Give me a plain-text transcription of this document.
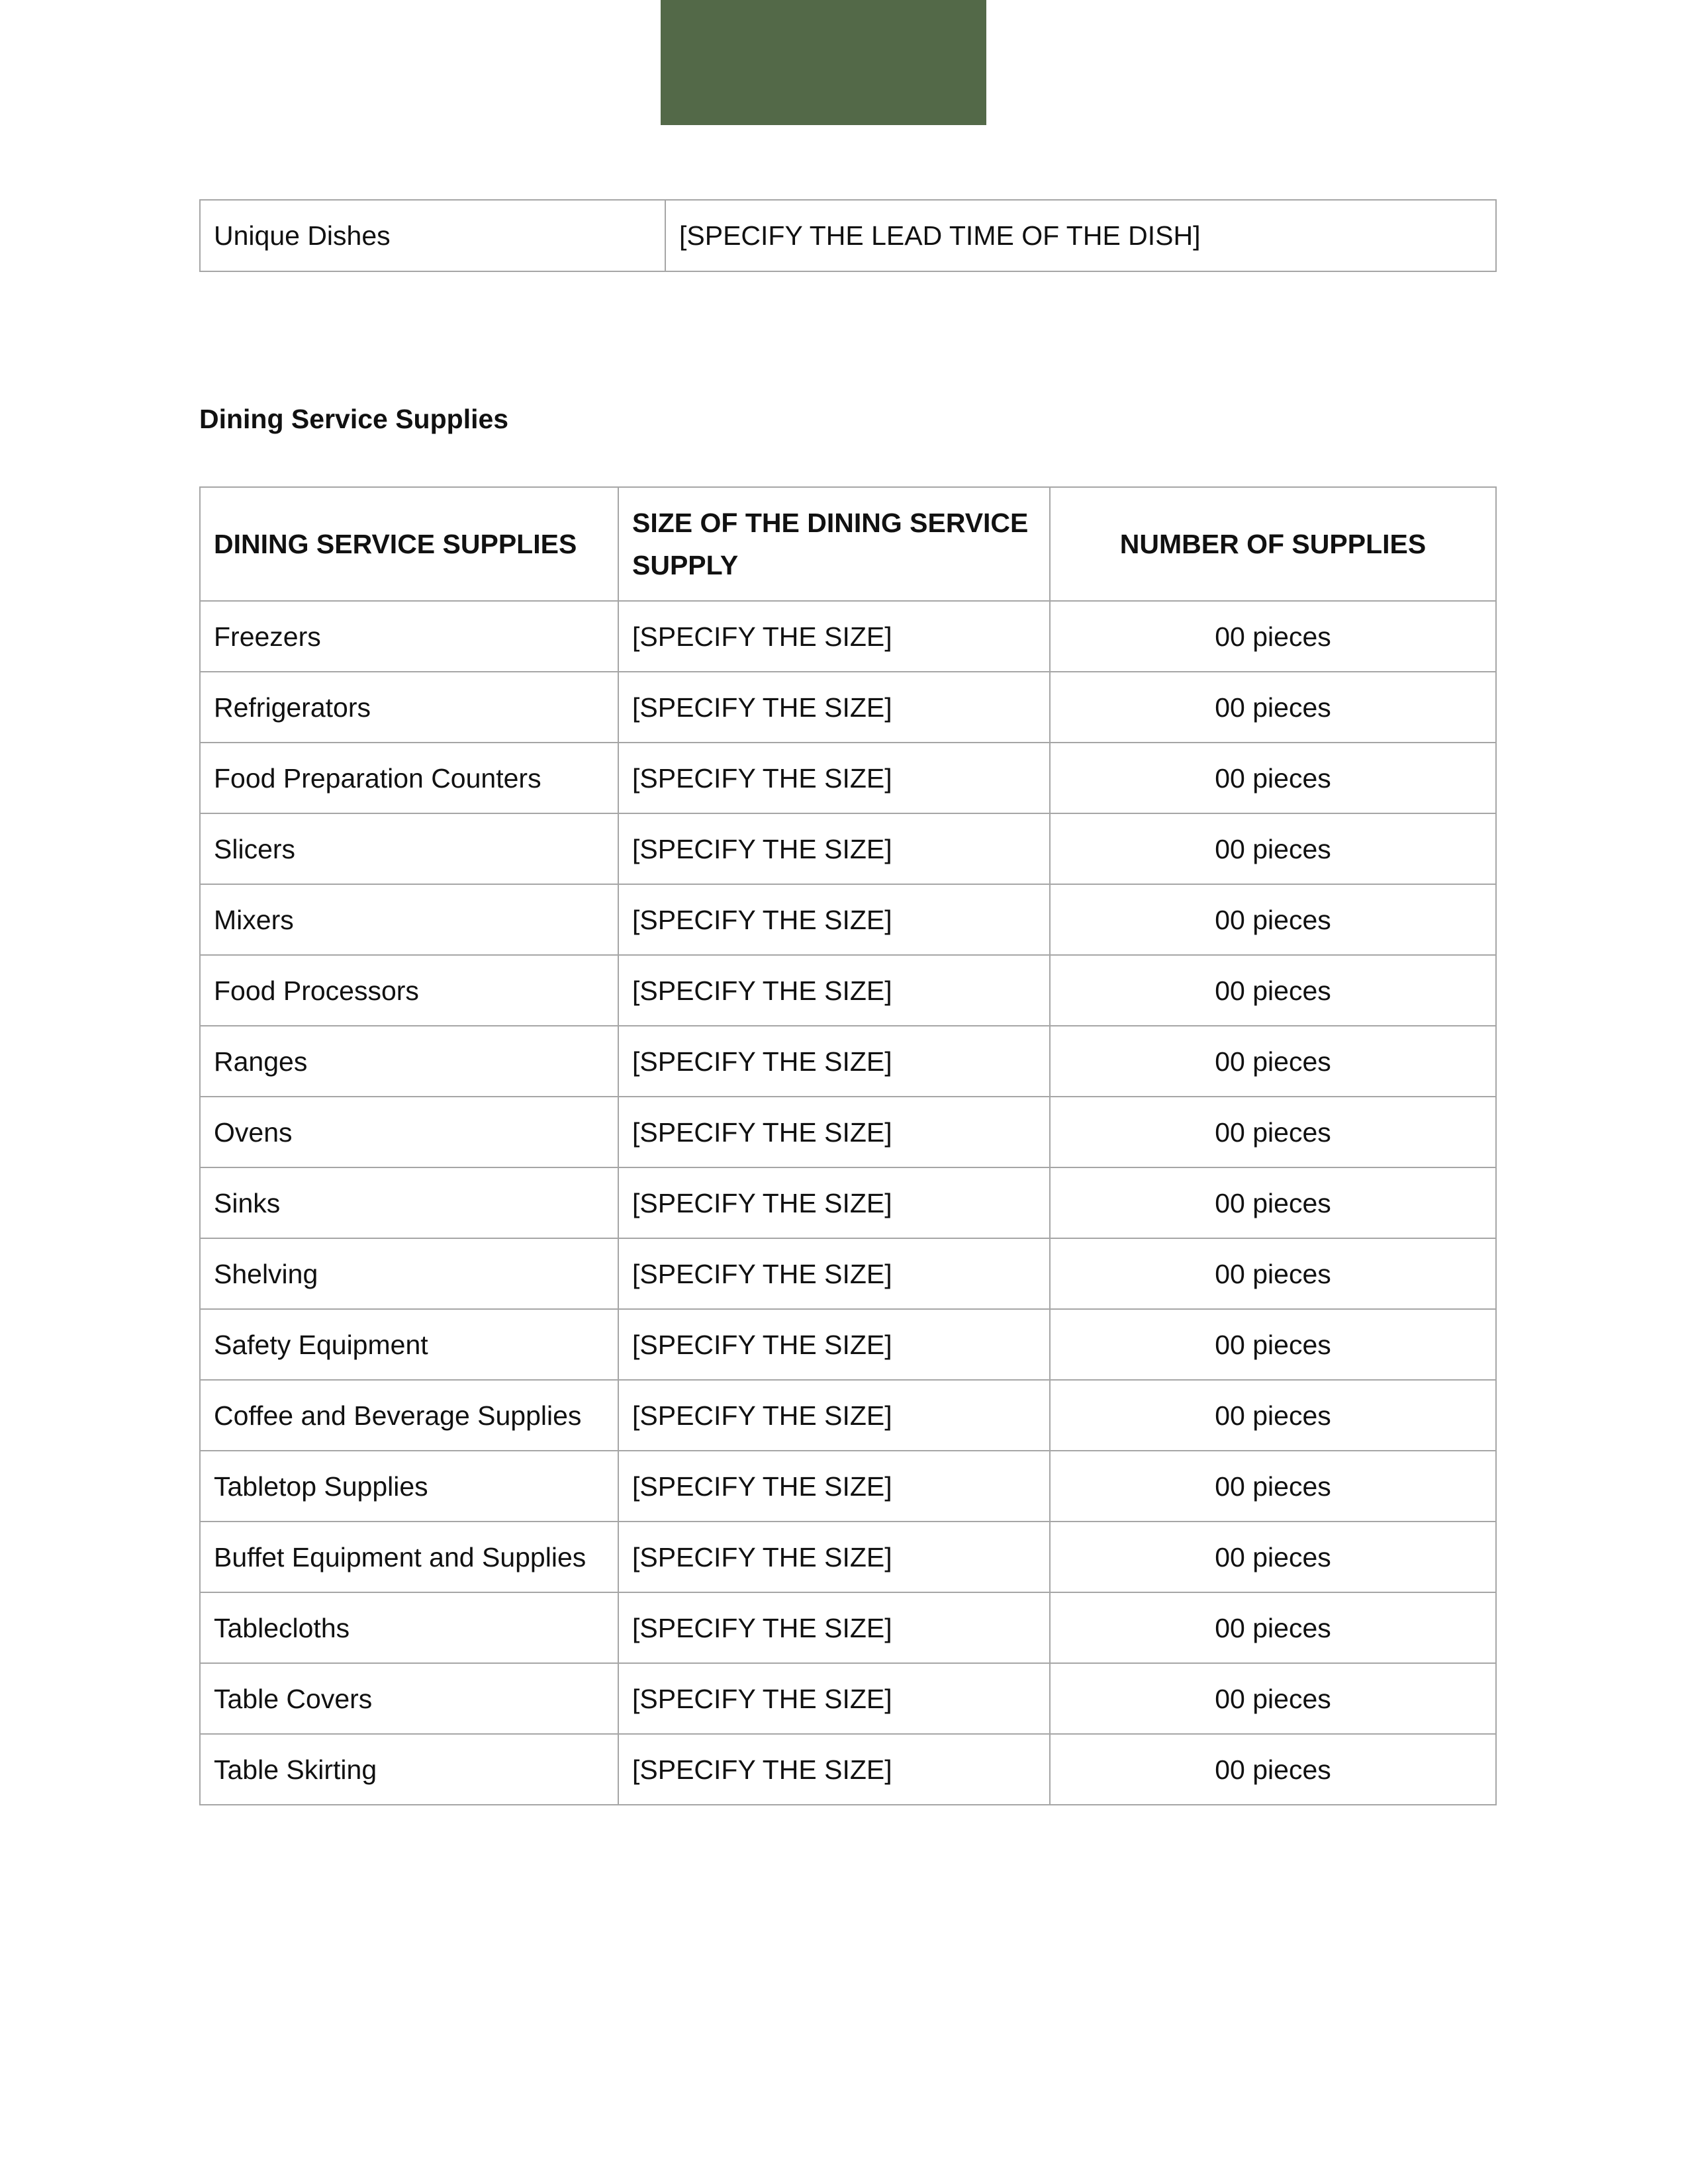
Unique Dishes	[SPECIFY THE LEAD TIME OF THE DISH]
Dining Service Supplies
DINING SERVICE SUPPLIES	SIZE OF THE DINING SERVICE SUPPLY	NUMBER OF SUPPLIES
Freezers	[SPECIFY THE SIZE]	00 pieces
Refrigerators	[SPECIFY THE SIZE]	00 pieces
Food Preparation Counters	[SPECIFY THE SIZE]	00 pieces
Slicers	[SPECIFY THE SIZE]	00 pieces
Mixers	[SPECIFY THE SIZE]	00 pieces
Food Processors	[SPECIFY THE SIZE]	00 pieces
Ranges	[SPECIFY THE SIZE]	00 pieces
Ovens	[SPECIFY THE SIZE]	00 pieces
Sinks	[SPECIFY THE SIZE]	00 pieces
Shelving	[SPECIFY THE SIZE]	00 pieces
Safety Equipment	[SPECIFY THE SIZE]	00 pieces
Coffee and Beverage Supplies	[SPECIFY THE SIZE]	00 pieces
Tabletop Supplies	[SPECIFY THE SIZE]	00 pieces
Buffet Equipment and Supplies	[SPECIFY THE SIZE]	00 pieces
Tablecloths	[SPECIFY THE SIZE]	00 pieces
Table Covers	[SPECIFY THE SIZE]	00 pieces
Table Skirting	[SPECIFY THE SIZE]	00 pieces
